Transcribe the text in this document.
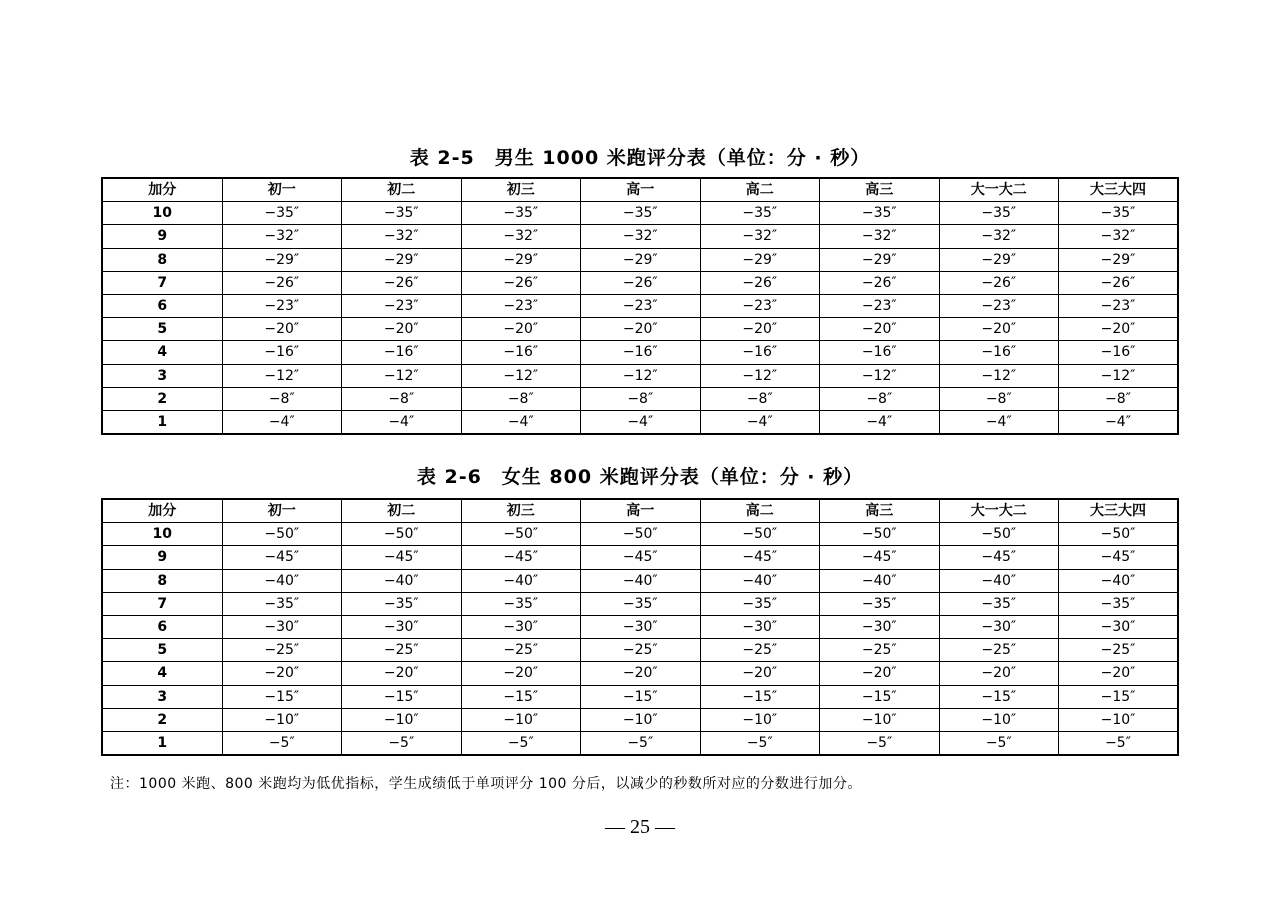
表 2-5　男生 1000 米跑评分表（单位：分 · 秒）
加分	初一	初二	初三	高一	高二	高三	大一大二	大三大四
10	−35″	−35″	−35″	−35″	−35″	−35″	−35″	−35″
9	−32″	−32″	−32″	−32″	−32″	−32″	−32″	−32″
8	−29″	−29″	−29″	−29″	−29″	−29″	−29″	−29″
7	−26″	−26″	−26″	−26″	−26″	−26″	−26″	−26″
6	−23″	−23″	−23″	−23″	−23″	−23″	−23″	−23″
5	−20″	−20″	−20″	−20″	−20″	−20″	−20″	−20″
4	−16″	−16″	−16″	−16″	−16″	−16″	−16″	−16″
3	−12″	−12″	−12″	−12″	−12″	−12″	−12″	−12″
2	−8″	−8″	−8″	−8″	−8″	−8″	−8″	−8″
1	−4″	−4″	−4″	−4″	−4″	−4″	−4″	−4″
表 2-6　女生 800 米跑评分表（单位：分 · 秒）
加分	初一	初二	初三	高一	高二	高三	大一大二	大三大四
10	−50″	−50″	−50″	−50″	−50″	−50″	−50″	−50″
9	−45″	−45″	−45″	−45″	−45″	−45″	−45″	−45″
8	−40″	−40″	−40″	−40″	−40″	−40″	−40″	−40″
7	−35″	−35″	−35″	−35″	−35″	−35″	−35″	−35″
6	−30″	−30″	−30″	−30″	−30″	−30″	−30″	−30″
5	−25″	−25″	−25″	−25″	−25″	−25″	−25″	−25″
4	−20″	−20″	−20″	−20″	−20″	−20″	−20″	−20″
3	−15″	−15″	−15″	−15″	−15″	−15″	−15″	−15″
2	−10″	−10″	−10″	−10″	−10″	−10″	−10″	−10″
1	−5″	−5″	−5″	−5″	−5″	−5″	−5″	−5″
注：1000 米跑、800 米跑均为低优指标，学生成绩低于单项评分 100 分后，以减少的秒数所对应的分数进行加分。
— 25 —
